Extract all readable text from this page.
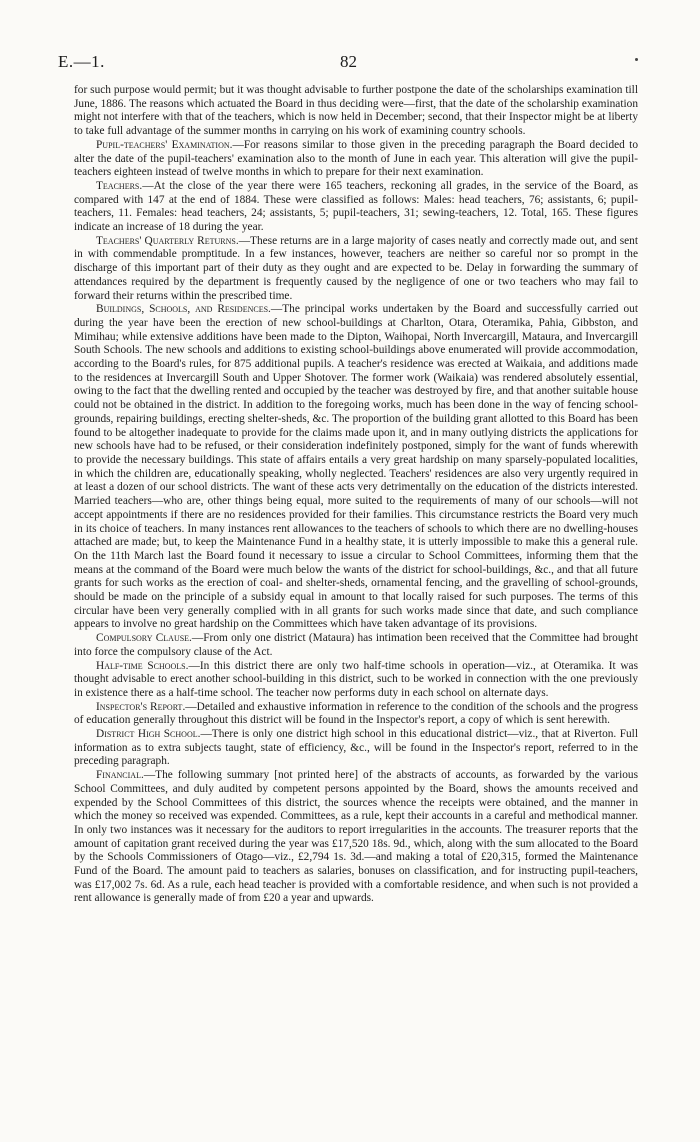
E.—1.	82

for such purpose would permit; but it was thought advisable to further postpone the date of the scholarships examination till June, 1886. The reasons which actuated the Board in thus deciding were—first, that the date of the scholarship examination might not interfere with that of the teachers, which is now held in December; second, that their Inspector might be at liberty to take full advantage of the summer months in carrying on his work of examining country schools.

Pupil-teachers' Examination.—For reasons similar to those given in the preceding paragraph the Board decided to alter the date of the pupil-teachers' examination also to the month of June in each year. This alteration will give the pupil-teachers eighteen instead of twelve months in which to prepare for their next examination.

Teachers.—At the close of the year there were 165 teachers, reckoning all grades, in the service of the Board, as compared with 147 at the end of 1884. These were classified as follows: Males: head teachers, 76; assistants, 6; pupil-teachers, 11. Females: head teachers, 24; assistants, 5; pupil-teachers, 31; sewing-teachers, 12. Total, 165. These figures indicate an increase of 18 during the year.

Teachers' Quarterly Returns.—These returns are in a large majority of cases neatly and correctly made out, and sent in with commendable promptitude. In a few instances, however, teachers are neither so careful nor so prompt in the discharge of this important part of their duty as they ought and are expected to be. Delay in forwarding the summary of attendances required by the department is frequently caused by the negligence of one or two teachers who may fail to forward their returns within the prescribed time.

Buildings, Schools, and Residences.—The principal works undertaken by the Board and successfully carried out during the year have been the erection of new school-buildings at Charlton, Otara, Oteramika, Pahia, Gibbston, and Mimihau; while extensive additions have been made to the Dipton, Waihopai, North Invercargill, Mataura, and Invercargill South Schools. The new schools and additions to existing school-buildings above enumerated will provide accommodation, according to the Board's rules, for 875 additional pupils. A teacher's residence was erected at Waikaia, and additions made to the residences at Invercargill South and Upper Shotover. The former work (Waikaia) was rendered absolutely essential, owing to the fact that the dwelling rented and occupied by the teacher was destroyed by fire, and that another suitable house could not be obtained in the district. In addition to the foregoing works, much has been done in the way of fencing school-grounds, repairing buildings, erecting shelter-sheds, &c. The proportion of the building grant allotted to this Board has been found to be altogether inadequate to provide for the claims made upon it, and in many outlying districts the applications for new schools have had to be refused, or their consideration indefinitely postponed, simply for the want of funds wherewith to provide the necessary buildings. This state of affairs entails a very great hardship on many sparsely-populated localities, in which the children are, educationally speaking, wholly neglected. Teachers' residences are also very urgently required in at least a dozen of our school districts. The want of these acts very detrimentally on the education of the districts interested. Married teachers—who are, other things being equal, more suited to the requirements of many of our schools—will not accept appointments if there are no residences provided for their families. This circumstance restricts the Board very much in its choice of teachers. In many instances rent allowances to the teachers of schools to which there are no dwelling-houses attached are made; but, to keep the Maintenance Fund in a healthy state, it is utterly impossible to make this a general rule. On the 11th March last the Board found it necessary to issue a circular to School Committees, informing them that the means at the command of the Board were much below the wants of the district for school-buildings, &c., and that all future grants for such works as the erection of coal- and shelter-sheds, ornamental fencing, and the gravelling of school-grounds, should be made on the principle of a subsidy equal in amount to that locally raised for such purposes. The terms of this circular have been very generally complied with in all grants for such works made since that date, and such compliance appears to involve no great hardship on the Committees which have taken advantage of its provisions.

Compulsory Clause.—From only one district (Mataura) has intimation been received that the Committee had brought into force the compulsory clause of the Act.

Half-time Schools.—In this district there are only two half-time schools in operation—viz., at Oteramika. It was thought advisable to erect another school-building in this district, such to be worked in connection with the one previously in existence there as a half-time school. The teacher now performs duty in each school on alternate days.

Inspector's Report.—Detailed and exhaustive information in reference to the condition of the schools and the progress of education generally throughout this district will be found in the Inspector's report, a copy of which is sent herewith.

District High School.—There is only one district high school in this educational district—viz., that at Riverton. Full information as to extra subjects taught, state of efficiency, &c., will be found in the Inspector's report, referred to in the preceding paragraph.

Financial.—The following summary [not printed here] of the abstracts of accounts, as forwarded by the various School Committees, and duly audited by competent persons appointed by the Board, shows the amounts received and expended by the School Committees of this district, the sources whence the receipts were obtained, and the manner in which the money so received was expended. Committees, as a rule, kept their accounts in a careful and methodical manner. In only two instances was it necessary for the auditors to report irregularities in the accounts. The treasurer reports that the amount of capitation grant received during the year was £17,520 18s. 9d., which, along with the sum allocated to the Board by the Schools Commissioners of Otago—viz., £2,794 1s. 3d.—and making a total of £20,315, formed the Maintenance Fund of the Board. The amount paid to teachers as salaries, bonuses on classification, and for instructing pupil-teachers, was £17,002 7s. 6d. As a rule, each head teacher is provided with a comfortable residence, and when such is not provided a rent allowance is generally made of from £20 a year and upwards.
